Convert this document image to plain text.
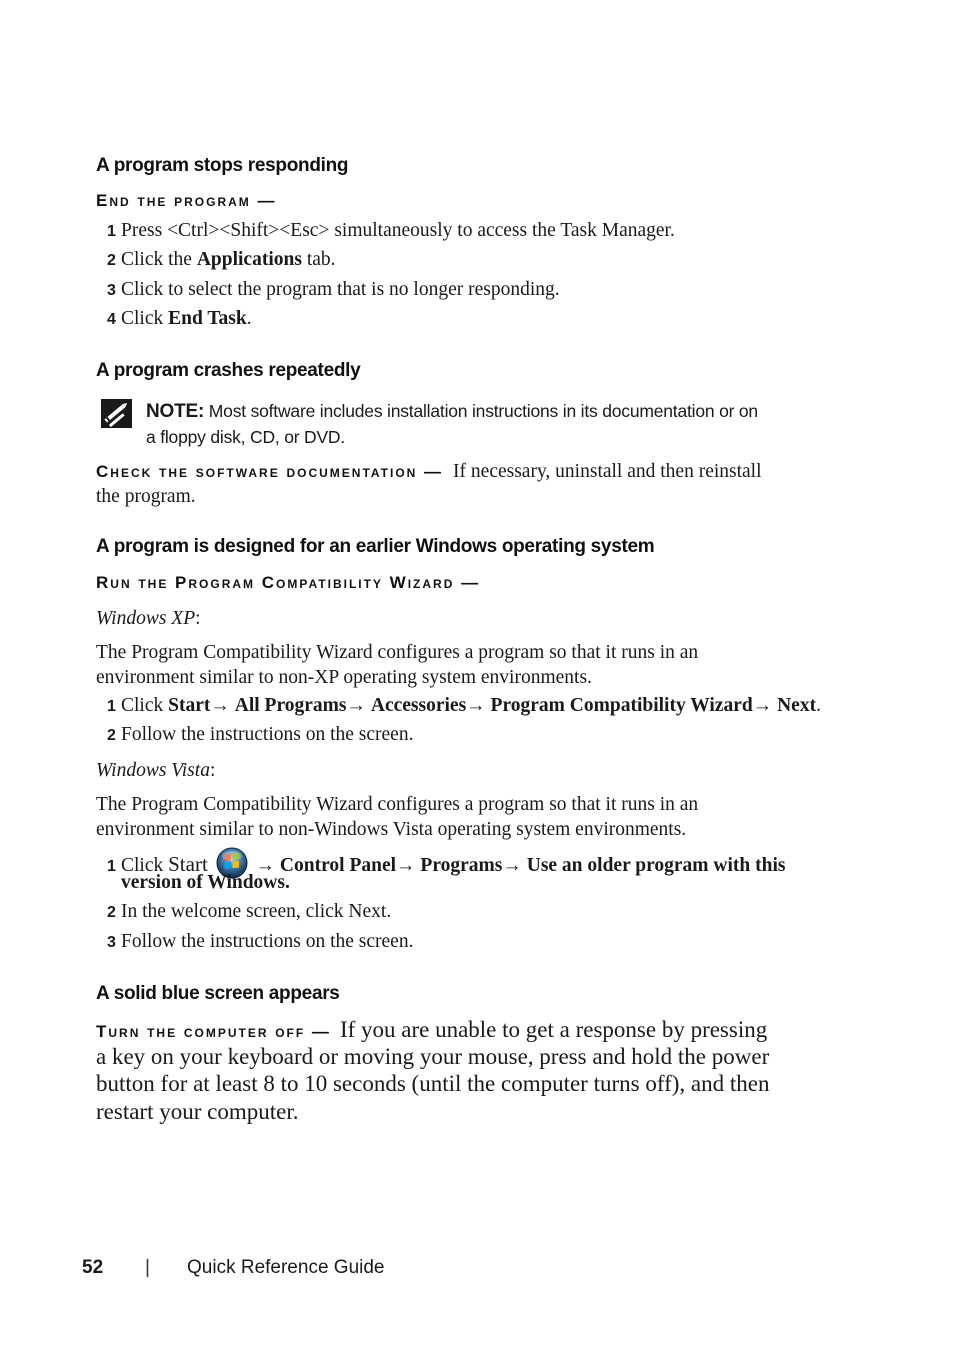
A program stops responding
End the program —
1 Press <Ctrl><Shift><Esc> simultaneously to access the Task Manager.
2 Click the Applications tab.
3 Click to select the program that is no longer responding.
4 Click End Task.
A program crashes repeatedly
NOTE: Most software includes installation instructions in its documentation or on
a floppy disk, CD, or DVD.
Check the software documentation — If necessary, uninstall and then reinstall
the program.
A program is designed for an earlier Windows operating system
Run the Program Compatibility Wizard —
Windows XP:
The Program Compatibility Wizard configures a program so that it runs in an
environment similar to non-XP operating system environments.
1 Click Start→ All Programs→ Accessories→ Program Compatibility Wizard→ Next.
2 Follow the instructions on the screen.
Windows Vista:
The Program Compatibility Wizard configures a program so that it runs in an
environment similar to non-Windows Vista operating system environments.
1 Click Start → Control Panel→ Programs→ Use an older program with this
version of Windows.
2 In the welcome screen, click Next.
3 Follow the instructions on the screen.
A solid blue screen appears
Turn the computer off — If you are unable to get a response by pressing
a key on your keyboard or moving your mouse, press and hold the power
button for at least 8 to 10 seconds (until the computer turns off), and then
restart your computer.
52 | Quick Reference Guide
